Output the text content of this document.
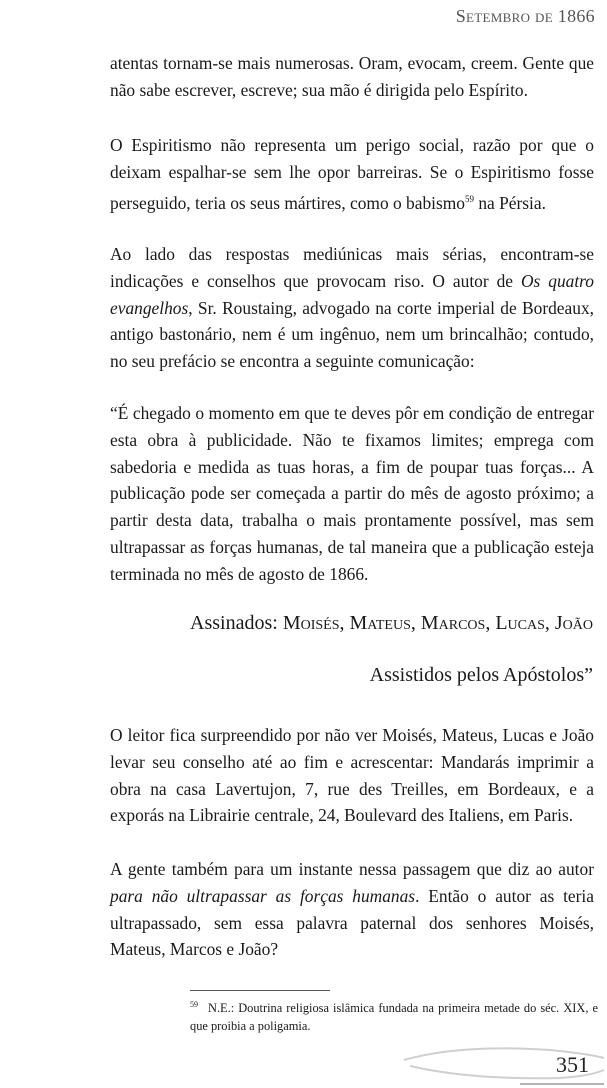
Setembro de 1866

atentas tornam-se mais numerosas. Oram, evocam, creem. Gente que não sabe escrever, escreve; sua mão é dirigida pelo Espírito.

O Espiritismo não representa um perigo social, razão por que o deixam espalhar-se sem lhe opor barreiras. Se o Espiritismo fosse perseguido, teria os seus mártires, como o babismo$^{59}$ na Pérsia.

Ao lado das respostas mediúnicas mais sérias, encontram-se indicações e conselhos que provocam riso. O autor de Os quatro evangelhos, Sr. Roustaing, advogado na corte imperial de Bordeaux, antigo bastonário, nem é um ingênuo, nem um brincalhão; contudo, no seu prefácio se encontra a seguinte comunicação:

“É chegado o momento em que te deves pôr em condição de entregar esta obra à publicidade. Não te fixamos limites; emprega com sabedoria e medida as tuas horas, a fim de poupar tuas forças... A publicação pode ser começada a partir do mês de agosto próximo; a partir desta data, trabalha o mais prontamente possível, mas sem ultrapassar as forças humanas, de tal maneira que a publicação esteja terminada no mês de agosto de 1866.

Assinados: Moisés, Mateus, Marcos, Lucas, João
Assistidos pelos Apóstolos”

O leitor fica surpreendido por não ver Moisés, Mateus, Lucas e João levar seu conselho até ao fim e acrescentar: Mandarás imprimir a obra na casa Lavertujon, 7, rue des Treilles, em Bordeaux, e a exporás na Librairie centrale, 24, Boulevard des Italiens, em Paris.

A gente também para um instante nessa passagem que diz ao autor para não ultrapassar as forças humanas. Então o autor as teria ultrapassado, sem essa palavra paternal dos senhores Moisés, Mateus, Marcos e João?

$^{59}$ N.E.: Doutrina religiosa islâmica fundada na primeira metade do séc. XIX, e que proibia a poligamia.
351
